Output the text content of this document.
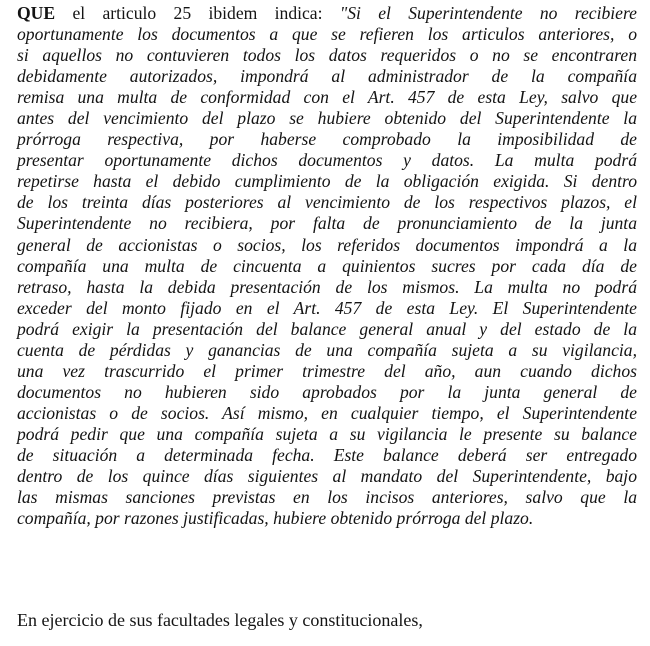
QUE el articulo 25 ibidem indica: "Si el Superintendente no recibiere
oportunamente los documentos a que se refieren los articulos anteriores, o
si aquellos no contuvieren todos los datos requeridos o no se encontraren
debidamente autorizados, impondrá al administrador de la compañía
remisa una multa de conformidad con el Art. 457 de esta Ley, salvo que
antes del vencimiento del plazo se hubiere obtenido del Superintendente la
prórroga respectiva, por haberse comprobado la imposibilidad de
presentar oportunamente dichos documentos y datos. La multa podrá
repetirse hasta el debido cumplimiento de la obligación exigida. Si dentro
de los treinta días posteriores al vencimiento de los respectivos plazos, el
Superintendente no recibiera, por falta de pronunciamiento de la junta
general de accionistas o socios, los referidos documentos impondrá a la
compañía una multa de cincuenta a quinientos sucres por cada día de
retraso, hasta la debida presentación de los mismos. La multa no podrá
exceder del monto fijado en el Art. 457 de esta Ley. El Superintendente
podrá exigir la presentación del balance general anual y del estado de la
cuenta de pérdidas y ganancias de una compañía sujeta a su vigilancia,
una vez trascurrido el primer trimestre del año, aun cuando dichos
documentos no hubieren sido aprobados por la junta general de
accionistas o de socios. Así mismo, en cualquier tiempo, el Superintendente
podrá pedir que una compañía sujeta a su vigilancia le presente su balance
de situación a determinada fecha. Este balance deberá ser entregado
dentro de los quince días siguientes al mandato del Superintendente, bajo
las mismas sanciones previstas en los incisos anteriores, salvo que la
compañía, por razones justificadas, hubiere obtenido prórroga del plazo.

En ejercicio de sus facultades legales y constitucionales,
